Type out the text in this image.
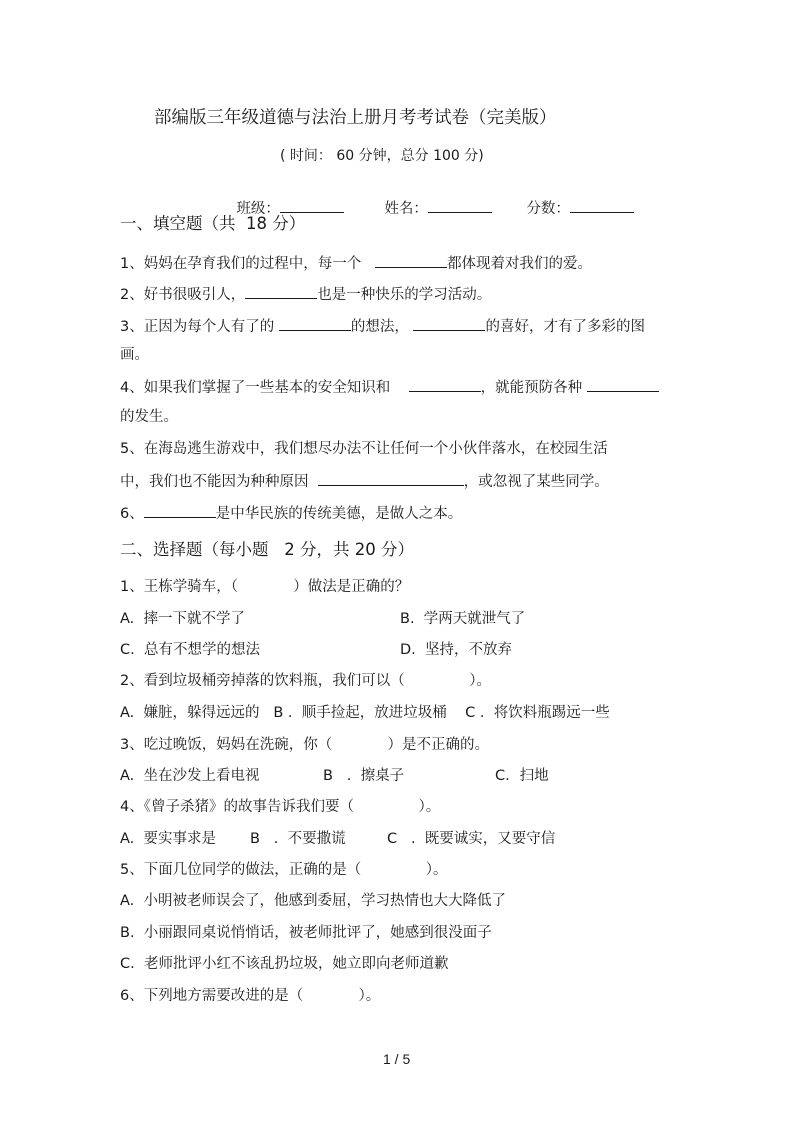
部编版三年级道德与法治上册月考考试卷（完美版）
( 时间： 60 分钟，总分 100 分)

班级：
	姓名：
	分数：

一、填空题（共  18 分）
1、妈妈在孕育我们的过程中，每一个	都体现着对我们的爱。
2、好书很吸引人，	也是一种快乐的学习活动。
3、正因为每个人有了的	的想法，	的喜好，才有了多彩的图
画。
4、如果我们掌握了一些基本的安全知识和	，就能预防各种
的发生。
5、在海岛逃生游戏中，我们想尽办法不让任何一个小伙伴落水，在校园生活
中，我们也不能因为种种原因	，或忽视了某些同学。
6、	是中华民族的传统美德，是做人之本。
二、选择题（每小题   2 分，共 20 分）
1、王栋学骑车，（            ）做法是正确的？
A.  摔一下就不学了	B.  学两天就泄气了
C.  总有不想学的想法	D.  坚持，不放弃
2、看到垃圾桶旁掉落的饮料瓶，我们可以（              ）。
A.  嫌脏，躲得远远的   B .  顺手捡起，放进垃圾桶    C .  将饮料瓶踢远一些
3、吃过晚饭，妈妈在洗碗，你（            ）是不正确的。
A.  坐在沙发上看电视	B   .  擦桌子	C．扫地
4、《曾子杀猪》的故事告诉我们要（              ）。
A.  要实事求是 B   .  不要撒谎	C   .  既要诚实，又要守信
5、下面几位同学的做法，正确的是（              ）。
A.  小明被老师误会了，他感到委屈，学习热情也大大降低了
B.  小丽跟同桌说悄悄话，被老师批评了，她感到很没面子
C.  老师批评小红不该乱扔垃圾，她立即向老师道歉
6、下列地方需要改进的是（            ）。
1 / 5
